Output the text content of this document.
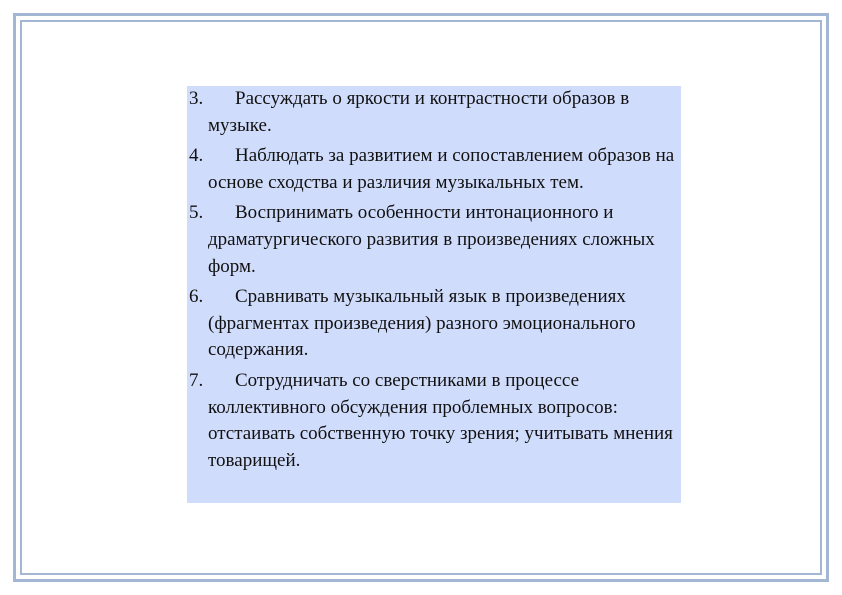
3.	Рассуждать о яркости и контрастности образов в музыке.
4.	Наблюдать за развитием и сопоставлением образов на основе сходства и различия музыкальных тем.
5.	Воспринимать особенности интонационного и драматургического развития в произведениях сложных форм.
6.	Сравнивать музыкальный язык в произведениях (фрагментах произведения) разного эмоционального содержания.
7.	Сотрудничать со сверстниками в процессе коллективного обсуждения проблемных вопросов: отстаивать собственную точку зрения; учитывать мнения товарищей.
